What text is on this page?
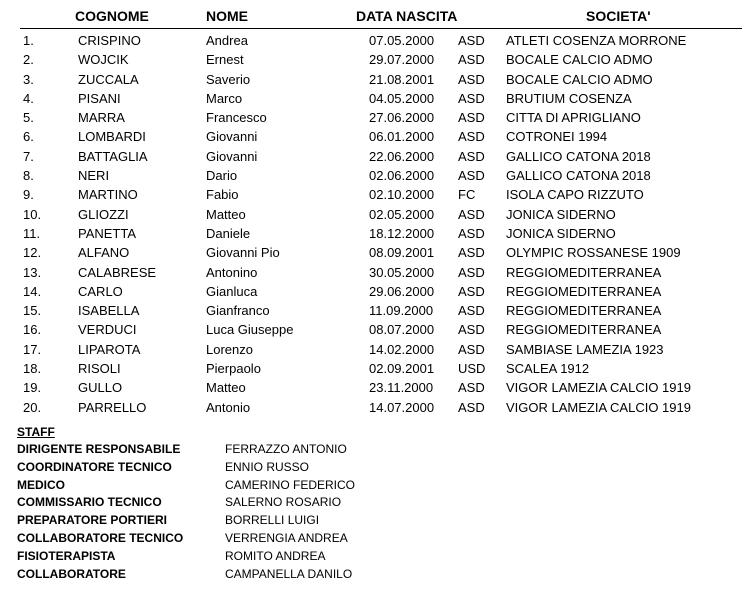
COGNOME	NOME	DATA NASCITA	SOCIETA'
1.	CRISPINO	Andrea	07.05.2000 ASD ATLETI COSENZA MORRONE
2.	WOJCIK	Ernest	29.07.2000 ASD BOCALE CALCIO ADMO
3.	ZUCCALA	Saverio	21.08.2001 ASD BOCALE CALCIO ADMO
4.	PISANI	Marco	04.05.2000 ASD BRUTIUM COSENZA
5.	MARRA	Francesco	27.06.2000 ASD CITTA DI APRIGLIANO
6.	LOMBARDI	Giovanni	06.01.2000 ASD COTRONEI 1994
7.	BATTAGLIA	Giovanni	22.06.2000 ASD GALLICO CATONA 2018
8.	NERI	Dario	02.06.2000 ASD GALLICO CATONA 2018
9.	MARTINO	Fabio	02.10.2000 FC ISOLA CAPO RIZZUTO
10.	GLIOZZI	Matteo	02.05.2000 ASD JONICA SIDERNO
11.	PANETTA	Daniele	18.12.2000 ASD JONICA SIDERNO
12.	ALFANO	Giovanni Pio	08.09.2001 ASD OLYMPIC ROSSANESE 1909
13.	CALABRESE	Antonino	30.05.2000 ASD REGGIOMEDITERRANEA
14.	CARLO	Gianluca	29.06.2000 ASD REGGIOMEDITERRANEA
15.	ISABELLA	Gianfranco	11.09.2000 ASD REGGIOMEDITERRANEA
16.	VERDUCI	Luca Giuseppe	08.07.2000 ASD REGGIOMEDITERRANEA
17.	LIPAROTA	Lorenzo	14.02.2000 ASD SAMBIASE LAMEZIA 1923
18.	RISOLI	Pierpaolo	02.09.2001 USD SCALEA 1912
19.	GULLO	Matteo	23.11.2000 ASD VIGOR LAMEZIA CALCIO 1919
20.	PARRELLO	Antonio	14.07.2000 ASD VIGOR LAMEZIA CALCIO 1919
STAFF
DIRIGENTE RESPONSABILE	FERRAZZO ANTONIO
COORDINATORE TECNICO	ENNIO RUSSO
MEDICO	CAMERINO FEDERICO
COMMISSARIO TECNICO	SALERNO ROSARIO
PREPARATORE PORTIERI	BORRELLI LUIGI
COLLABORATORE TECNICO	VERRENGIA ANDREA
FISIOTERAPISTA	ROMITO ANDREA
COLLABORATORE	CAMPANELLA DANILO
